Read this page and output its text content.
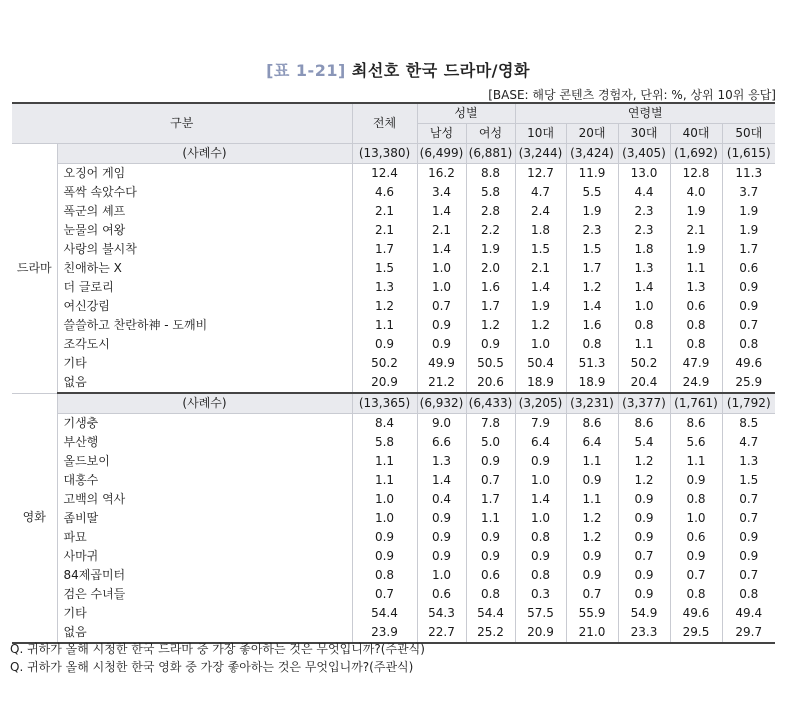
[표 1-21] 최선호 한국 드라마/영화
[BASE: 해당 콘텐츠 경험자, 단위: %, 상위 10위 응답]
구분		전체	성별		연령별				
			남성	여성	10대	20대	30대	40대	50대
드라마	(사례수)	(13,380)	(6,499)	(6,881)	(3,244)	(3,424)	(3,405)	(1,692)	(1,615)
	오징어 게임	12.4	16.2	8.8	12.7	11.9	13.0	12.8	11.3
	폭싹 속았수다	4.6	3.4	5.8	4.7	5.5	4.4	4.0	3.7
	폭군의 셰프	2.1	1.4	2.8	2.4	1.9	2.3	1.9	1.9
	눈물의 여왕	2.1	2.1	2.2	1.8	2.3	2.3	2.1	1.9
	사랑의 불시착	1.7	1.4	1.9	1.5	1.5	1.8	1.9	1.7
	친애하는 X	1.5	1.0	2.0	2.1	1.7	1.3	1.1	0.6
	더 글로리	1.3	1.0	1.6	1.4	1.2	1.4	1.3	0.9
	여신강림	1.2	0.7	1.7	1.9	1.4	1.0	0.6	0.9
	쓸쓸하고 찬란하神 - 도깨비	1.1	0.9	1.2	1.2	1.6	0.8	0.8	0.7
	조각도시	0.9	0.9	0.9	1.0	0.8	1.1	0.8	0.8
	기타	50.2	49.9	50.5	50.4	51.3	50.2	47.9	49.6
	없음	20.9	21.2	20.6	18.9	18.9	20.4	24.9	25.9
영화	(사례수)	(13,365)	(6,932)	(6,433)	(3,205)	(3,231)	(3,377)	(1,761)	(1,792)
	기생충	8.4	9.0	7.8	7.9	8.6	8.6	8.6	8.5
	부산행	5.8	6.6	5.0	6.4	6.4	5.4	5.6	4.7
	올드보이	1.1	1.3	0.9	0.9	1.1	1.2	1.1	1.3
	대홍수	1.1	1.4	0.7	1.0	0.9	1.2	0.9	1.5
	고백의 역사	1.0	0.4	1.7	1.4	1.1	0.9	0.8	0.7
	좀비딸	1.0	0.9	1.1	1.0	1.2	0.9	1.0	0.7
	파묘	0.9	0.9	0.9	0.8	1.2	0.9	0.6	0.9
	사마귀	0.9	0.9	0.9	0.9	0.9	0.7	0.9	0.9
	84제곱미터	0.8	1.0	0.6	0.8	0.9	0.9	0.7	0.7
	검은 수녀들	0.7	0.6	0.8	0.3	0.7	0.9	0.8	0.8
	기타	54.4	54.3	54.4	57.5	55.9	54.9	49.6	49.4
	없음	23.9	22.7	25.2	20.9	21.0	23.3	29.5	29.7
Q. 귀하가 올해 시청한 한국 드라마 중 가장 좋아하는 것은 무엇입니까?(주관식)
Q. 귀하가 올해 시청한 한국 영화 중 가장 좋아하는 것은 무엇입니까?(주관식)
